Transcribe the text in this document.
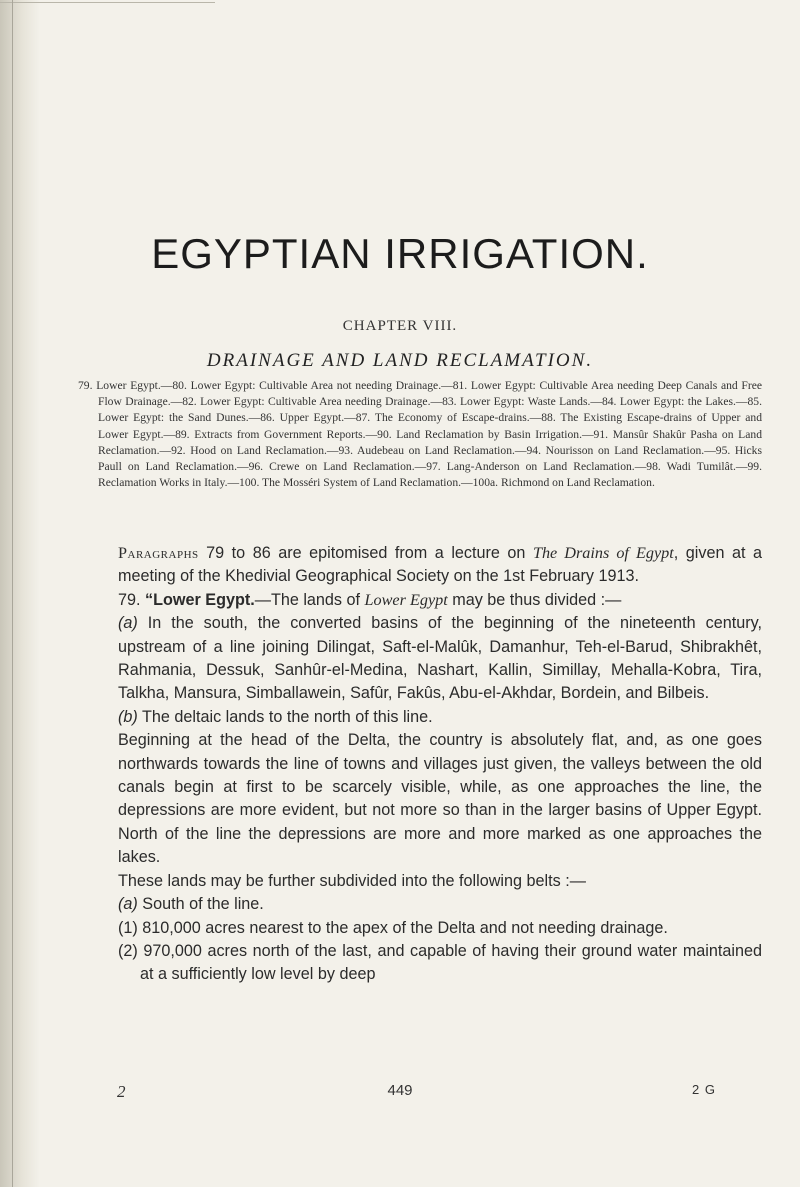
EGYPTIAN IRRIGATION.
CHAPTER VIII.
DRAINAGE AND LAND RECLAMATION.
79. Lower Egypt.—80. Lower Egypt: Cultivable Area not needing Drainage.—81. Lower Egypt: Cultivable Area needing Deep Canals and Free Flow Drainage.—82. Lower Egypt: Cultivable Area needing Drainage.—83. Lower Egypt: Waste Lands.—84. Lower Egypt: the Lakes.—85. Lower Egypt: the Sand Dunes.—86. Upper Egypt.—87. The Economy of Escape-drains.—88. The Existing Escape-drains of Upper and Lower Egypt.—89. Extracts from Government Reports.—90. Land Reclamation by Basin Irrigation.—91. Mansûr Shakûr Pasha on Land Reclamation.—92. Hood on Land Reclamation.—93. Audebeau on Land Reclamation.—94. Nourisson on Land Reclamation.—95. Hicks Paull on Land Reclamation.—96. Crewe on Land Reclamation.—97. Lang-Anderson on Land Reclamation.—98. Wadi Tumilât.—99. Reclamation Works in Italy.—100. The Mosséri System of Land Reclamation.—100a. Richmond on Land Reclamation.

Paragraphs 79 to 86 are epitomised from a lecture on The Drains of Egypt, given at a meeting of the Khedivial Geographical Society on the 1st February 1913.

79. “Lower Egypt.—The lands of Lower Egypt may be thus divided :—

(a) In the south, the converted basins of the beginning of the nineteenth century, upstream of a line joining Dilingat, Saft-el-Malûk, Damanhur, Teh-el-Barud, Shibrakhêt, Rahmania, Dessuk, Sanhûr-el-Medina, Nashart, Kallin, Simillay, Mehalla-Kobra, Tira, Talkha, Mansura, Simballawein, Safûr, Fakûs, Abu-el-Akhdar, Bordein, and Bilbeis.

(b) The deltaic lands to the north of this line.

Beginning at the head of the Delta, the country is absolutely flat, and, as one goes northwards towards the line of towns and villages just given, the valleys between the old canals begin at first to be scarcely visible, while, as one approaches the line, the depressions are more evident, but not more so than in the larger basins of Upper Egypt. North of the line the depressions are more and more marked as one approaches the lakes.

These lands may be further subdivided into the following belts :—

(a) South of the line.

(1) 810,000 acres nearest to the apex of the Delta and not needing drainage.

(2) 970,000 acres north of the last, and capable of having their ground water maintained at a sufficiently low level by deep

2	449	2 G
